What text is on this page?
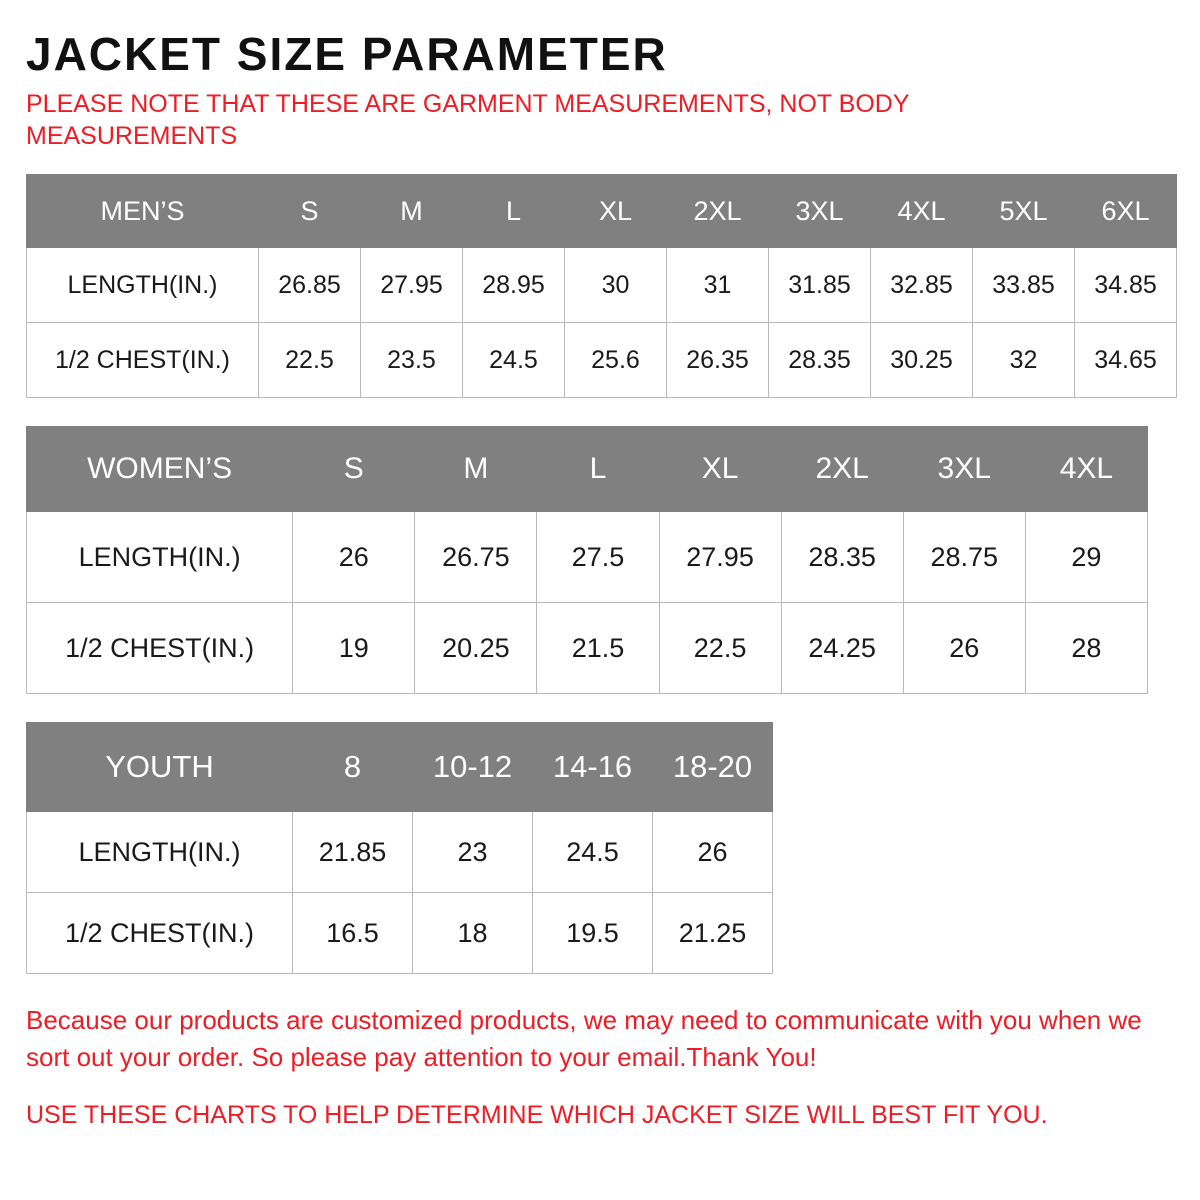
JACKET SIZE PARAMETER
PLEASE NOTE THAT THESE ARE GARMENT MEASUREMENTS, NOT BODY MEASUREMENTS
MEN’S	S	M	L	XL	2XL	3XL	4XL	5XL	6XL
LENGTH(IN.)	26.85	27.95	28.95	30	31	31.85	32.85	33.85	34.85
1/2 CHEST(IN.)	22.5	23.5	24.5	25.6	26.35	28.35	30.25	32	34.65
WOMEN’S	S	M	L	XL	2XL	3XL	4XL
LENGTH(IN.)	26	26.75	27.5	27.95	28.35	28.75	29
1/2 CHEST(IN.)	19	20.25	21.5	22.5	24.25	26	28
YOUTH	8	10-12	14-16	18-20
LENGTH(IN.)	21.85	23	24.5	26
1/2 CHEST(IN.)	16.5	18	19.5	21.25
Because our products are customized products, we may need to communicate with you when we sort out your order. So please pay attention to your email.Thank You!
USE THESE CHARTS TO HELP DETERMINE WHICH JACKET SIZE WILL BEST FIT YOU.
